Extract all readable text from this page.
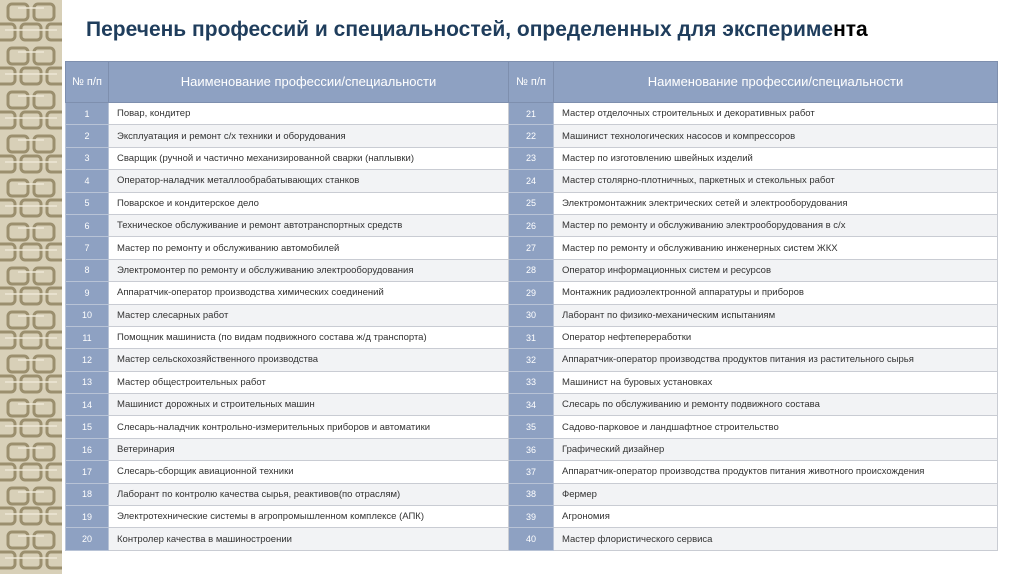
Перечень профессий и специальностей, определенных для эксперимента
№ п/п	Наименование профессии/специальности	№ п/п	Наименование профессии/специальности
1	Повар, кондитер	21	Мастер отделочных строительных и декоративных работ
2	Эксплуатация и ремонт с/х техники и оборудования	22	Машинист технологических насосов и компрессоров
3	Сварщик (ручной и частично механизированной сварки (наплывки)	23	Мастер по изготовлению швейных изделий
4	Оператор-наладчик металлообрабатывающих станков	24	Мастер столярно-плотничных, паркетных и стекольных работ
5	Поварское и кондитерское дело	25	Электромонтажник электрических сетей и электрооборудования
6	Техническое обслуживание и ремонт автотранспортных средств	26	Мастер по ремонту и обслуживанию электрооборудования в с/х
7	Мастер по ремонту и обслуживанию автомобилей	27	Мастер по ремонту и обслуживанию инженерных систем ЖКХ
8	Электромонтер по ремонту и обслуживанию электрооборудования	28	Оператор информационных систем и ресурсов
9	Аппаратчик-оператор производства химических соединений	29	Монтажник радиоэлектронной аппаратуры и приборов
10	Мастер слесарных работ	30	Лаборант по физико-механическим испытаниям
11	Помощник машиниста (по видам подвижного состава ж/д транспорта)	31	Оператор нефтепереработки
12	Мастер сельскохозяйственного производства	32	Аппаратчик-оператор производства продуктов питания из растительного сырья
13	Мастер общестроительных работ	33	Машинист на буровых установках
14	Машинист дорожных и строительных машин	34	Слесарь по обслуживанию и ремонту подвижного состава
15	Слесарь-наладчик контрольно-измерительных приборов и автоматики	35	Садово-парковое и ландшафтное строительство
16	Ветеринария	36	Графический дизайнер
17	Слесарь-сборщик авиационной техники	37	Аппаратчик-оператор производства продуктов питания животного происхождения
18	Лаборант по контролю качества сырья, реактивов(по отраслям)	38	Фермер
19	Электротехнические системы в агропромышленном комплексе (АПК)	39	Агрономия
20	Контролер качества в машиностроении	40	Мастер флористического сервиса
